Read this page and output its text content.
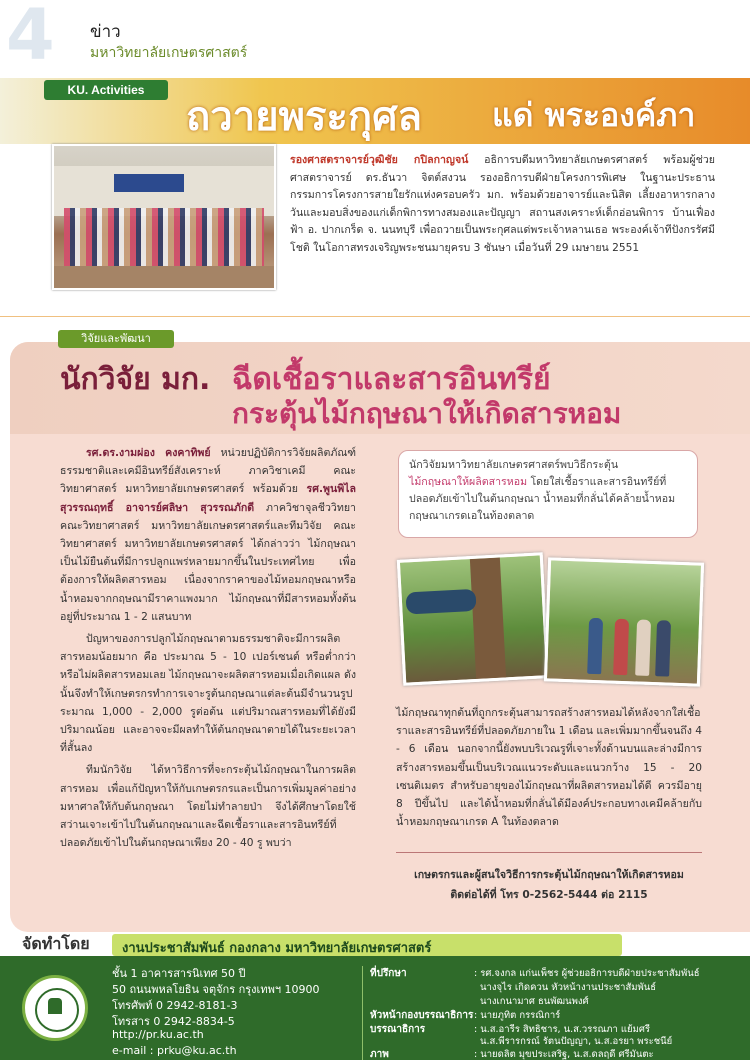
4 ข่าว
มหาวิทยาลัยเกษตรศาสตร์
KU. Activities
ถวายพระกุศล แด่ พระองค์ภา
รองศาสตราจารย์วุฒิชัย กปิลกาญจน์ อธิการบดีมหาวิทยาลัยเกษตรศาสตร์ พร้อมผู้ช่วยศาสตราจารย์ ดร.ธันวา จิตต์สงวน รองอธิการบดีฝ่ายโครงการพิเศษ ในฐานะประธานกรรมการโครงการสายใยรักแห่งครอบครัว มก. พร้อมด้วยอาจารย์และนิสิต เลี้ยงอาหารกลางวันและมอบสิ่งของแก่เด็กพิการทางสมองและปัญญา สถานสงเคราะห์เด็กอ่อนพิการ บ้านเฟื่องฟ้า อ. ปากเกร็ด จ. นนทบุรี เพื่อถวายเป็นพระกุศลแด่พระเจ้าหลานเธอ พระองค์เจ้าทีปังกรรัศมีโชติ ในโอกาสทรงเจริญพระชนมายุครบ 3 ชันษา เมื่อวันที่ 29 เมษายน 2551
วิจัยและพัฒนา
นักวิจัย มก. ฉีดเชื้อราและสารอินทรีย์
กระตุ้นไม้กฤษณาให้เกิดสารหอม

รศ.ดร.งามผ่อง คงคาทิพย์ หน่วยปฏิบัติการวิจัยผลิตภัณฑ์ธรรมชาติและเคมีอินทรีย์สังเคราะห์ ภาควิชาเคมี คณะวิทยาศาสตร์ มหาวิทยาลัยเกษตรศาสตร์ พร้อมด้วย รศ.พูนพิไล สุวรรณฤทธิ์ อาจารย์ศลิษา สุวรรณภักดี ภาควิชาจุลชีววิทยา คณะวิทยาศาสตร์ มหาวิทยาลัยเกษตรศาสตร์และทีมวิจัย คณะวิทยาศาสตร์ มหาวิทยาลัยเกษตรศาสตร์ ได้กล่าวว่า ไม้กฤษณาเป็นไม้ยืนต้นที่มีการปลูกแพร่หลายมากขึ้นในประเทศไทย เพื่อต้องการให้ผลิตสารหอม เนื่องจากราคาของไม้หอมกฤษณาหรือน้ำหอมจากกฤษณามีราคาแพงมาก ไม้กฤษณาที่มีสารหอมทั้งต้นอยู่ที่ประมาณ 1 - 2 แสนบาท

ปัญหาของการปลูกไม้กฤษณาตามธรรมชาติจะมีการผลิตสารหอมน้อยมาก คือ ประมาณ 5 - 10 เปอร์เซนต์ หรือต่ำกว่าหรือไม่ผลิตสารหอมเลย ไม้กฤษณาจะผลิตสารหอมเมื่อเกิดแผล ดังนั้นจึงทำให้เกษตรกรทำการเจาะรูต้นกฤษณาแต่ละต้นมีจำนวนรูประมาณ 1,000 - 2,000 รูต่อต้น แต่ปริมาณสารหอมที่ได้ยังมีปริมาณน้อย และอาจจะมีผลทำให้ต้นกฤษณาตายได้ในระยะเวลาที่สั้นลง

ทีมนักวิจัย ได้หาวิธีการที่จะกระตุ้นไม้กฤษณาในการผลิตสารหอม เพื่อแก้ปัญหาให้กับเกษตรกรและเป็นการเพิ่มมูลค่าอย่างมหาศาลให้กับต้นกฤษณา โดยไม่ทำลายป่า จึงได้ศึกษาโดยใช้สว่านเจาะเข้าไปในต้นกฤษณาและฉีดเชื้อราและสารอินทรีย์ที่ปลอดภัยเข้าไปในต้นกฤษณาเพียง 20 - 40 รู พบว่า

นักวิจัยมหาวิทยาลัยเกษตรศาสตร์พบวิธีกระตุ้น
ไม้กฤษณาให้ผลิตสารหอม โดยใส่เชื้อราและสารอินทรีย์ที่ปลอดภัยเข้าไปในต้นกฤษณา น้ำหอมที่กลั่นได้คล้ายน้ำหอมกฤษณาเกรดเอในท้องตลาด
ไม้กฤษณาทุกต้นที่ถูกกระตุ้นสามารถสร้างสารหอมได้หลังจากใส่เชื้อราและสารอินทรีย์ที่ปลอดภัยภายใน 1 เดือน และเพิ่มมากขึ้นจนถึง 4 - 6 เดือน นอกจากนี้ยังพบบริเวณรูที่เจาะทั้งด้านบนและล่างมีการสร้างสารหอมขึ้นเป็นบริเวณแนวระดับและแนวกว้าง 15 - 20 เซนติเมตร สำหรับอายุของไม้กฤษณาที่ผลิตสารหอมได้ดี ควรมีอายุ 8 ปีขึ้นไป และได้น้ำหอมที่กลั่นได้มีองค์ประกอบทางเคมีคล้ายกับน้ำหอมกฤษณาเกรด A ในท้องตลาด
เกษตรกรและผู้สนใจวิธีการกระตุ้นไม้กฤษณาให้เกิดสารหอม
ติดต่อได้ที่ โทร 0-2562-5444 ต่อ 2115
จัดทำโดย งานประชาสัมพันธ์ กองกลาง มหาวิทยาลัยเกษตรศาสตร์
ชั้น 1 อาคารสารนิเทศ 50 ปี
50 ถนนพหลโยธิน จตุจักร กรุงเทพฯ 10900
โทรศัพท์ 0 2942-8181-3
โทรสาร 0 2942-8834-5
http://pr.ku.ac.th
e-mail : prku@ku.ac.th
ที่ปรึกษา	: รศ.จงกล แก่นเพ็ชร ผู้ช่วยอธิการบดีฝ่ายประชาสัมพันธ์
นางจุไร เกิดควน หัวหน้างานประชาสัมพันธ์
นางเกนามาศ ธนพัฒนพงศ์
หัวหน้ากองบรรณาธิการ : นายภูทิต กรรณิการ์
บรรณาธิการ	: น.ส.อารีร สิทธิชาร, น.ส.วรรณภา แย้มศรี
น.ส.พีรารกรณ์ รัตนปัญญา, น.ส.อรยา พระชนีย์
ภาพ	: นายดลิต มุขประเสริฐ, น.ส.ดลฤดี ศรีมันตะ
